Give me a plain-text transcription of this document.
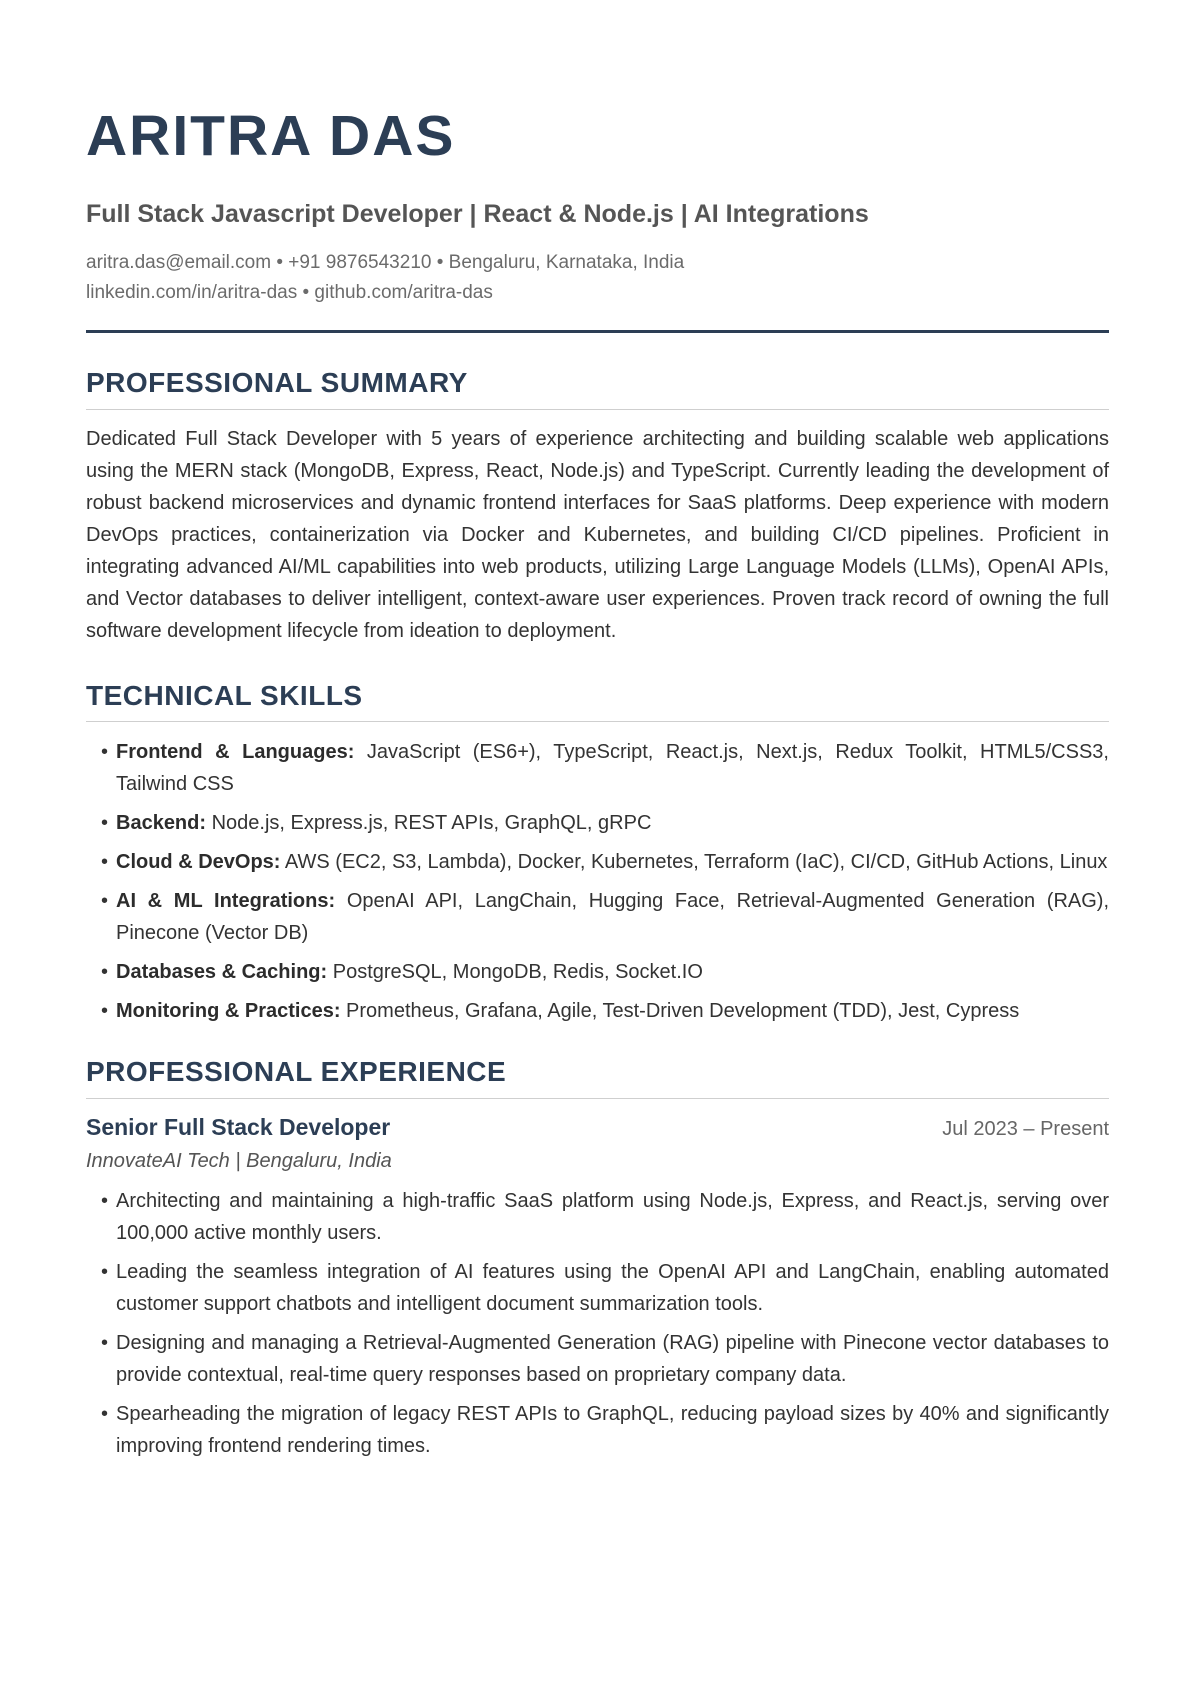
ARITRA DAS
Full Stack Javascript Developer | React & Node.js | AI Integrations
aritra.das@email.com • +91 9876543210 • Bengaluru, Karnataka, India
linkedin.com/in/aritra-das • github.com/aritra-das
PROFESSIONAL SUMMARY

Dedicated Full Stack Developer with 5 years of experience architecting and building scalable web applications using the MERN stack (MongoDB, Express, React, Node.js) and TypeScript. Currently leading the development of robust backend microservices and dynamic frontend interfaces for SaaS platforms. Deep experience with modern DevOps practices, containerization via Docker and Kubernetes, and building CI/CD pipelines. Proficient in integrating advanced AI/ML capabilities into web products, utilizing Large Language Models (LLMs), OpenAI APIs, and Vector databases to deliver intelligent, context-aware user experiences. Proven track record of owning the full software development lifecycle from ideation to deployment.

TECHNICAL SKILLS
• Frontend & Languages: JavaScript (ES6+), TypeScript, React.js, Next.js, Redux Toolkit, HTML5/CSS3, Tailwind CSS
• Backend: Node.js, Express.js, REST APIs, GraphQL, gRPC
• Cloud & DevOps: AWS (EC2, S3, Lambda), Docker, Kubernetes, Terraform (IaC), CI/CD, GitHub Actions, Linux
• AI & ML Integrations: OpenAI API, LangChain, Hugging Face, Retrieval-Augmented Generation (RAG), Pinecone (Vector DB)
• Databases & Caching: PostgreSQL, MongoDB, Redis, Socket.IO
• Monitoring & Practices: Prometheus, Grafana, Agile, Test-Driven Development (TDD), Jest, Cypress
PROFESSIONAL EXPERIENCE
Senior Full Stack Developer	Jul 2023 – Present
InnovateAI Tech | Bengaluru, India
• Architecting and maintaining a high-traffic SaaS platform using Node.js, Express, and React.js, serving over 100,000 active monthly users.
• Leading the seamless integration of AI features using the OpenAI API and LangChain, enabling automated customer support chatbots and intelligent document summarization tools.
• Designing and managing a Retrieval-Augmented Generation (RAG) pipeline with Pinecone vector databases to provide contextual, real-time query responses based on proprietary company data.
• Spearheading the migration of legacy REST APIs to GraphQL, reducing payload sizes by 40% and significantly improving frontend rendering times.
